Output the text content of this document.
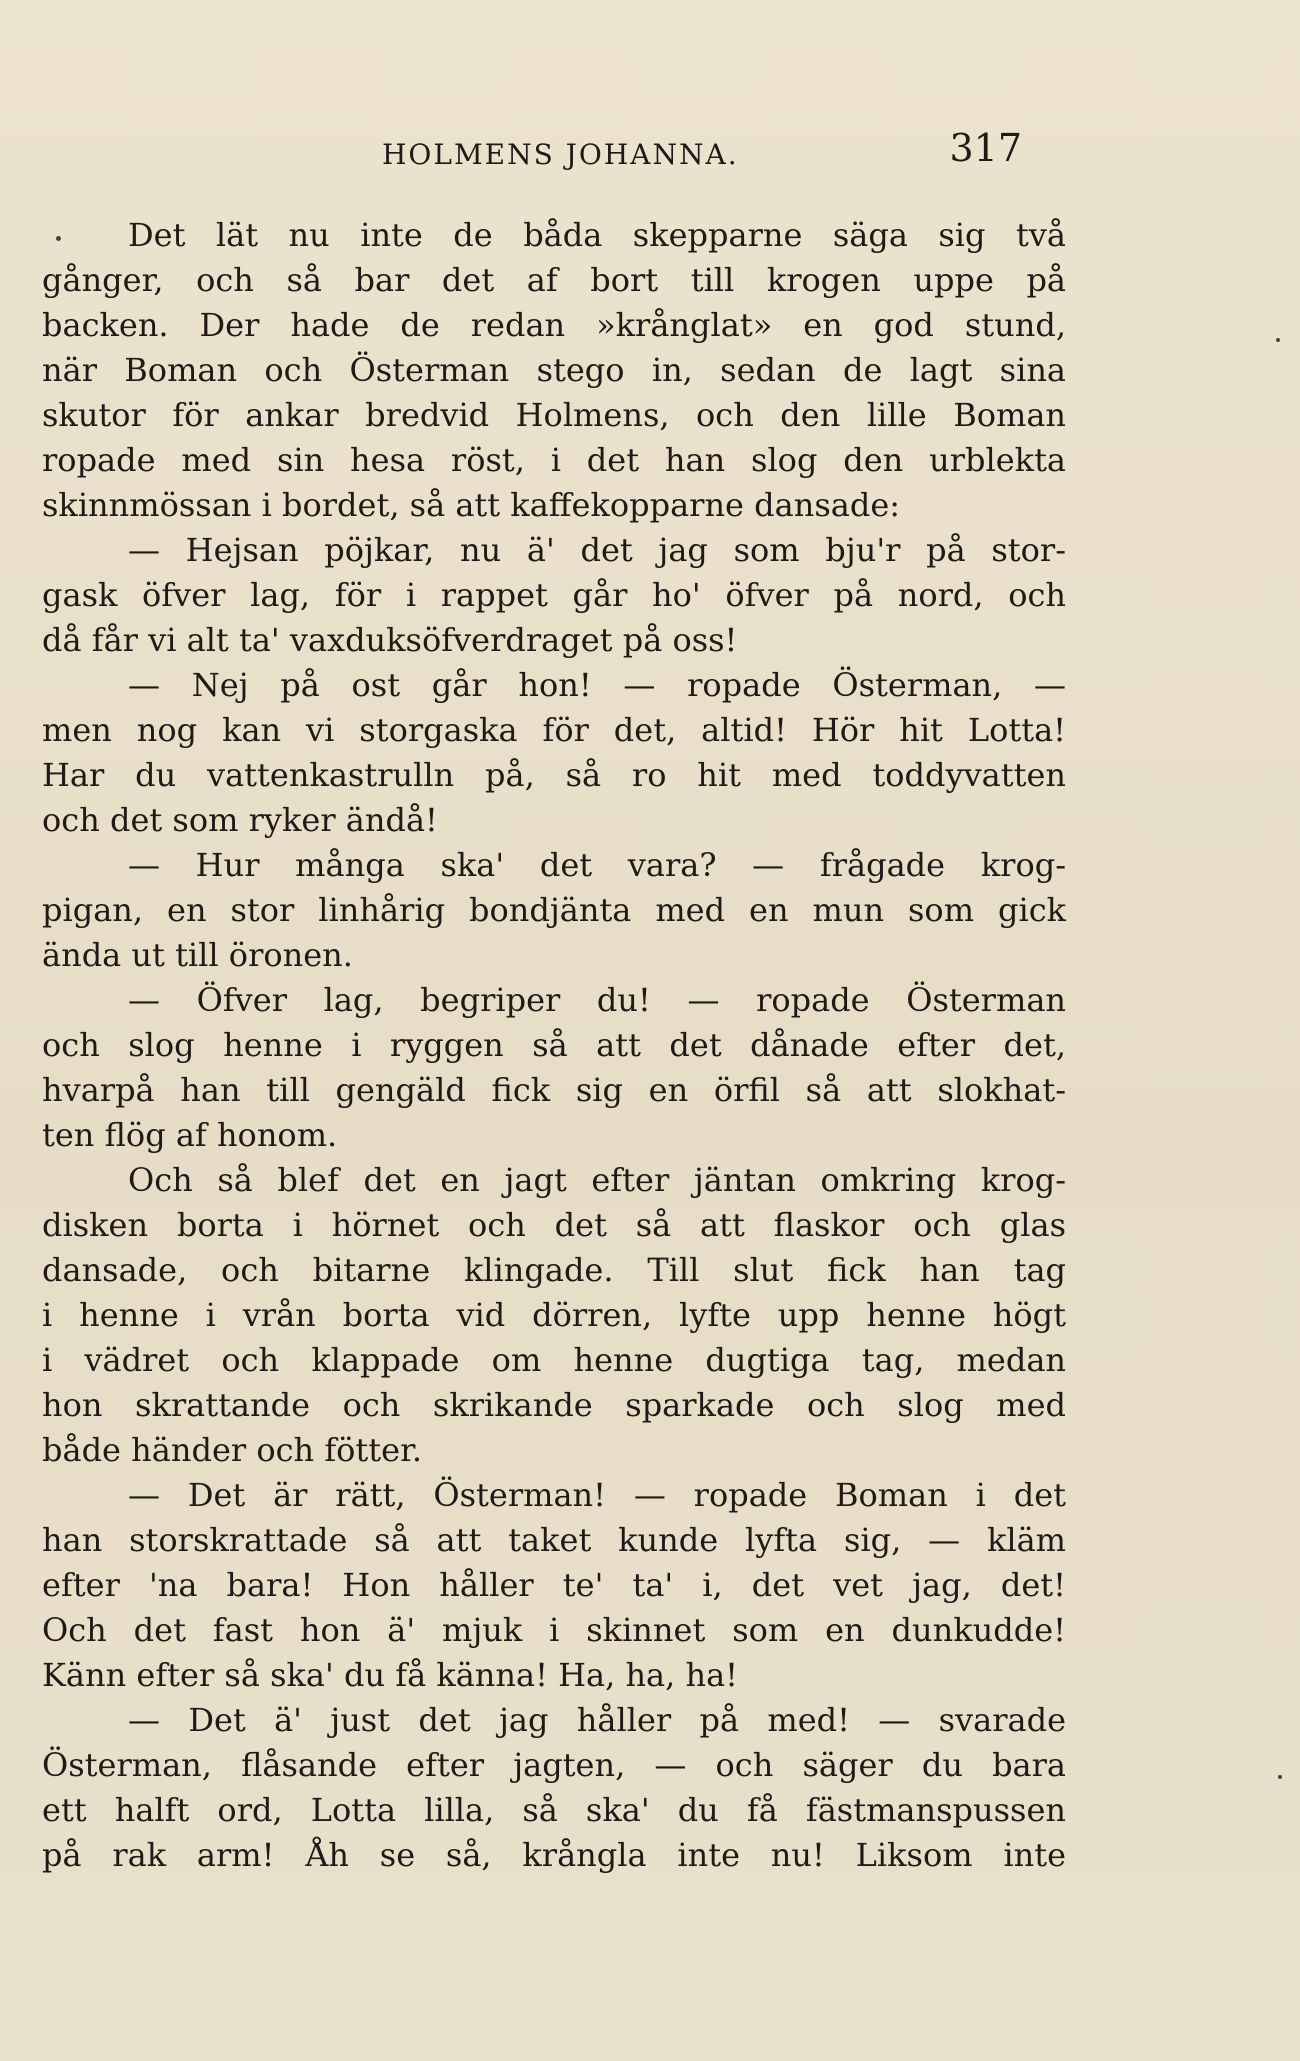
HOLMENS JOHANNA.	317
Det lät nu inte de båda skepparne säga sig två
gånger, och så bar det af bort till krogen uppe på
backen. Der hade de redan »krånglat» en god stund,
när Boman och Österman stego in, sedan de lagt sina
skutor för ankar bredvid Holmens, och den lille Boman
ropade med sin hesa röst, i det han slog den urblekta
skinnmössan i bordet, så att kaffekopparne dansade:
— Hejsan pöjkar, nu ä' det jag som bju'r på stor-
gask öfver lag, för i rappet går ho' öfver på nord, och
då får vi alt ta' vaxduksöfverdraget på oss!
— Nej på ost går hon! — ropade Österman, —
men nog kan vi storgaska för det, altid! Hör hit Lotta!
Har du vattenkastrulln på, så ro hit med toddyvatten
och det som ryker ändå!
— Hur många ska' det vara? — frågade krog-
pigan, en stor linhårig bondjänta med en mun som gick
ända ut till öronen.
— Öfver lag, begriper du! — ropade Österman
och slog henne i ryggen så att det dånade efter det,
hvarpå han till gengäld fick sig en örfil så att slokhat-
ten flög af honom.
Och så blef det en jagt efter jäntan omkring krog-
disken borta i hörnet och det så att flaskor och glas
dansade, och bitarne klingade. Till slut fick han tag
i henne i vrån borta vid dörren, lyfte upp henne högt
i vädret och klappade om henne dugtiga tag, medan
hon skrattande och skrikande sparkade och slog med
både händer och fötter.
— Det är rätt, Österman! — ropade Boman i det
han storskrattade så att taket kunde lyfta sig, — kläm
efter 'na bara! Hon håller te' ta' i, det vet jag, det!
Och det fast hon ä' mjuk i skinnet som en dunkudde!
Känn efter så ska' du få känna! Ha, ha, ha!
— Det ä' just det jag håller på med! — svarade
Österman, flåsande efter jagten, — och säger du bara
ett halft ord, Lotta lilla, så ska' du få fästmanspussen
på rak arm! Åh se så, krångla inte nu! Liksom inte
